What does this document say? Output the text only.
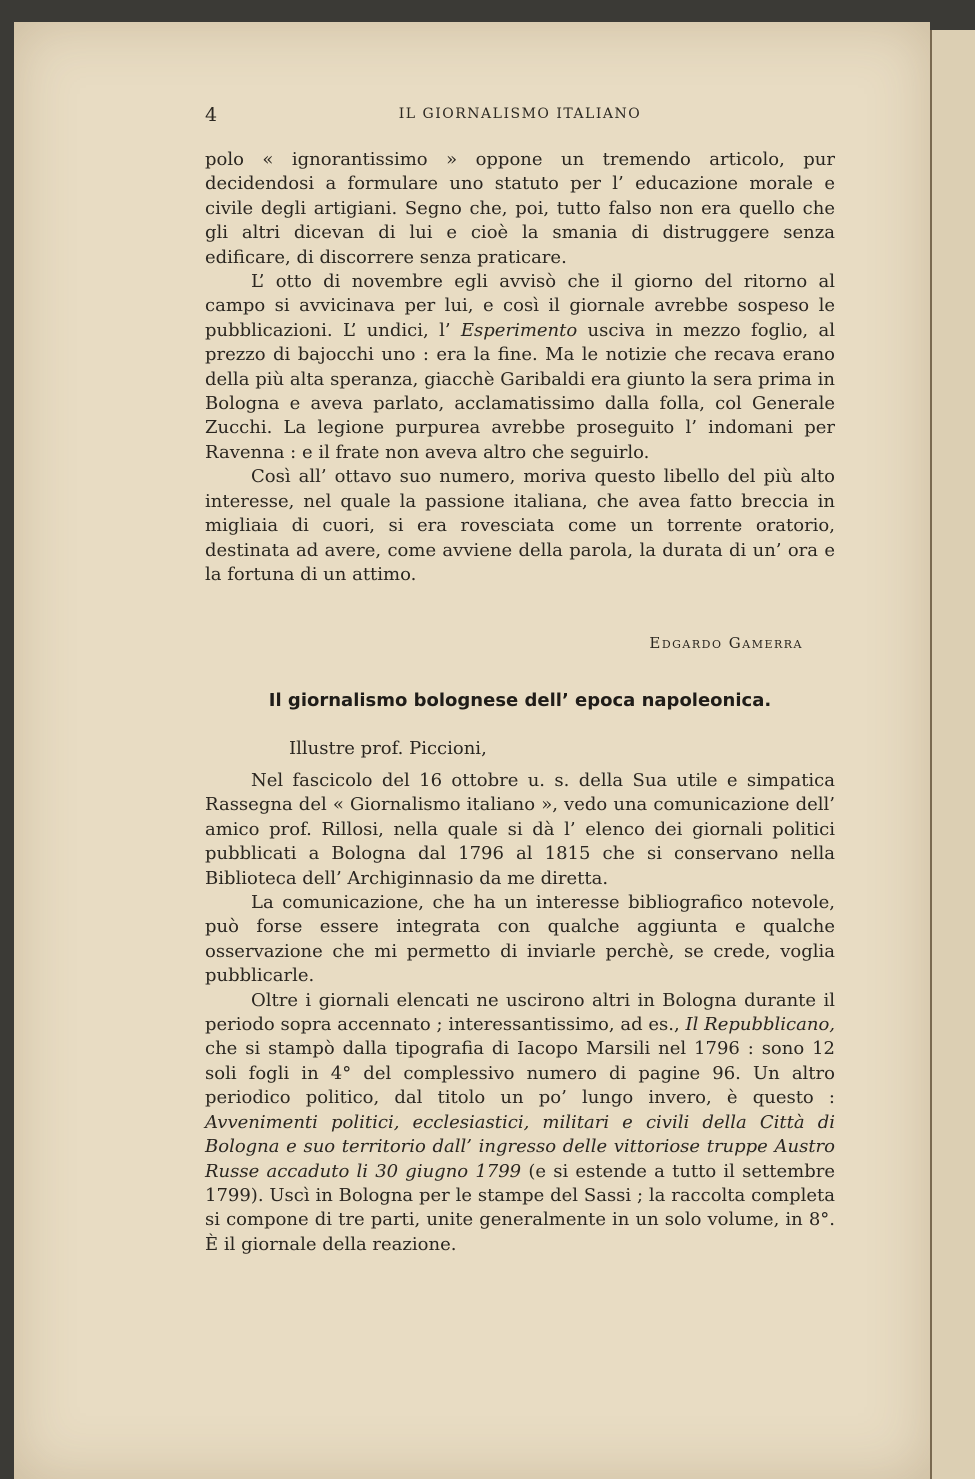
4	IL GIORNALISMO ITALIANO

polo « ignorantissimo » oppone un tremendo articolo, pur decidendosi a formulare uno statuto per l’ educazione morale e civile degli artigiani. Segno che, poi, tutto falso non era quello che gli altri dicevan di lui e cioè la smania di distruggere senza edificare, di discorrere senza praticare.

L’ otto di novembre egli avvisò che il giorno del ritorno al campo si avvicinava per lui, e così il giornale avrebbe sospeso le pubblicazioni. L’ undici, l’ Esperimento usciva in mezzo foglio, al prezzo di bajocchi uno : era la fine. Ma le notizie che recava erano della più alta speranza, giacchè Garibaldi era giunto la sera prima in Bologna e aveva parlato, acclamatissimo dalla folla, col Generale Zucchi. La legione purpurea avrebbe proseguito l’ indomani per Ravenna : e il frate non aveva altro che seguirlo.

Così all’ ottavo suo numero, moriva questo libello del più alto interesse, nel quale la passione italiana, che avea fatto breccia in migliaia di cuori, si era rovesciata come un torrente oratorio, destinata ad avere, come avviene della parola, la durata di un’ ora e la fortuna di un attimo.

Edgardo Gamerra
Il giornalismo bolognese dell’ epoca napoleonica.
Illustre prof. Piccioni,

Nel fascicolo del 16 ottobre u. s. della Sua utile e simpatica Rassegna del « Giornalismo italiano », vedo una comunicazione dell’ amico prof. Rillosi, nella quale si dà l’ elenco dei giornali politici pubblicati a Bologna dal 1796 al 1815 che si conservano nella Biblioteca dell’ Archiginnasio da me diretta.

La comunicazione, che ha un interesse bibliografico notevole, può forse essere integrata con qualche aggiunta e qualche osservazione che mi permetto di inviarle perchè, se crede, voglia pubblicarle.

Oltre i giornali elencati ne uscirono altri in Bologna durante il periodo sopra accennato ; interessantissimo, ad es., Il Repubblicano, che si stampò dalla tipografia di Iacopo Marsili nel 1796 : sono 12 soli fogli in 4° del complessivo numero di pagine 96. Un altro periodico politico, dal titolo un po’ lungo invero, è questo : Avvenimenti politici, ecclesiastici, militari e civili della Città di Bologna e suo territorio dall’ ingresso delle vittoriose truppe Austro Russe accaduto li 30 giugno 1799 (e si estende a tutto il settembre 1799). Uscì in Bologna per le stampe del Sassi ; la raccolta completa si compone di tre parti, unite generalmente in un solo volume, in 8°. È il giornale della reazione.
